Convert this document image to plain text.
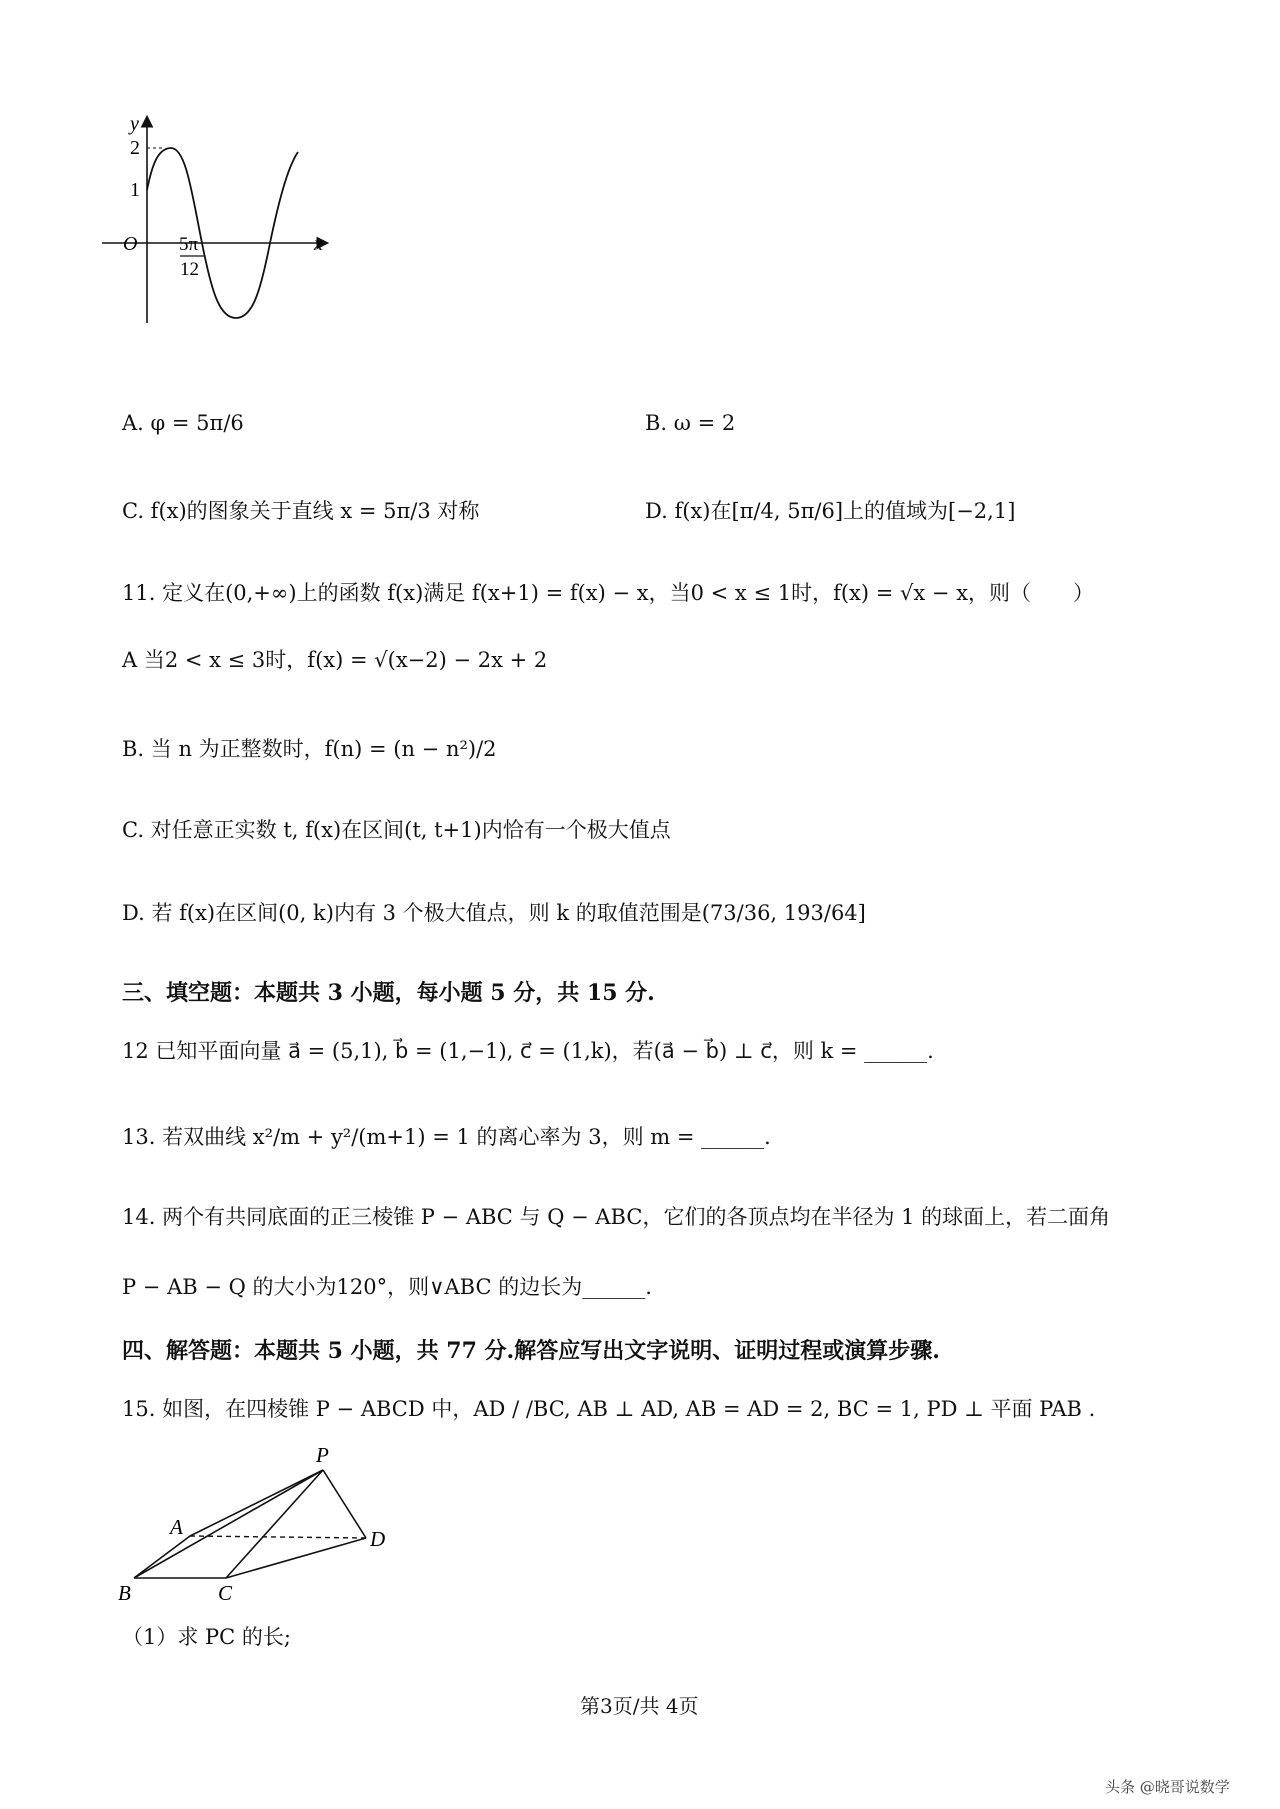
y
x
O
2
1
5π
12
A. φ = 5π/6	B. ω = 2
C. f(x)的图象关于直线 x = 5π/3 对称	D. f(x)在[π/4, 5π/6]上的值域为[−2,1]
11. 定义在(0,+∞)上的函数 f(x)满足 f(x+1) = f(x) − x，当0 < x ≤ 1时，f(x) = √x − x，则（　　）
A 当2 < x ≤ 3时，f(x) = √(x−2) − 2x + 2
B. 当 n 为正整数时，f(n) = (n − n²)/2
C. 对任意正实数 t, f(x)在区间(t, t+1)内恰有一个极大值点
D. 若 f(x)在区间(0, k)内有 3 个极大值点，则 k 的取值范围是(73/36, 193/64]
三、填空题：本题共 3 小题，每小题 5 分，共 15 分.
12 已知平面向量 a⃗ = (5,1), b⃗ = (1,−1), c⃗ = (1,k)，若(a⃗ − b⃗) ⊥ c⃗，则 k = ______.
13. 若双曲线 x²/m + y²/(m+1) = 1 的离心率为 3，则 m = ______.
14. 两个有共同底面的正三棱锥 P − ABC 与 Q − ABC，它们的各顶点均在半径为 1 的球面上，若二面角
P − AB − Q 的大小为120°，则∨ABC 的边长为______.
四、解答题：本题共 5 小题，共 77 分.解答应写出文字说明、证明过程或演算步骤.
15. 如图，在四棱锥 P − ABCD 中，AD / /BC, AB ⊥ AD, AB = AD = 2, BC = 1, PD ⊥ 平面 PAB .
P
A
B	C
D
（1）求 PC 的长;
第3页/共 4页
头条 @晓哥说数学
